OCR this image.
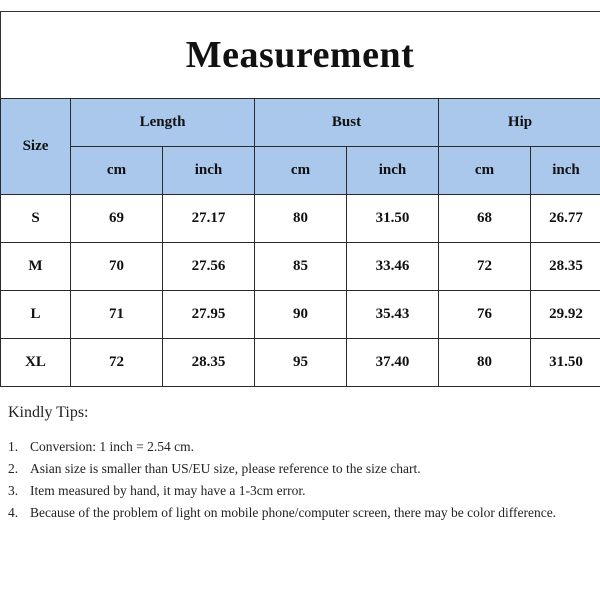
Measurement
Size	Length		Bust		Hip	
	cm	inch	cm	inch	cm	inch
S	69	27.17	80	31.50	68	26.77
M	70	27.56	85	33.46	72	28.35
L	71	27.95	90	35.43	76	29.92
XL	72	28.35	95	37.40	80	31.50
Kindly Tips:
1. Conversion: 1 inch = 2.54 cm.
2. Asian size is smaller than US/EU size, please reference to the size chart.
3. Item measured by hand, it may have a 1-3cm error.
4. Because of the problem of light on mobile phone/computer screen, there may be color difference.
